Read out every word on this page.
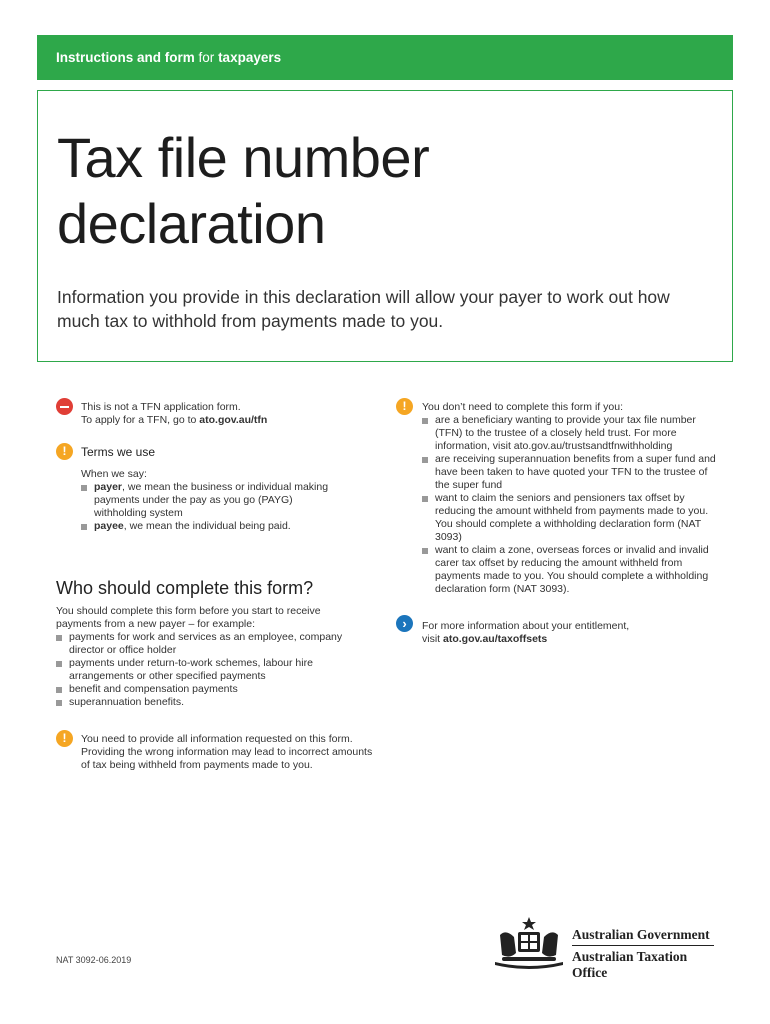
Instructions and form for taxpayers
Tax file number
declaration
Information you provide in this declaration will allow your payer to work out how much tax to withhold from payments made to you.
This is not a TFN application form.
To apply for a TFN, go to ato.gov.au/tfn
!	Terms we use
When we say:
payer, we mean the business or individual making payments under the pay as you go (PAYG) withholding system
payee, we mean the individual being paid.
Who should complete this form?
You should complete this form before you start to receive payments from a new payer – for example:
payments for work and services as an employee, company director or office holder
payments under return-to-work schemes, labour hire arrangements or other specified payments
benefit and compensation payments
superannuation benefits.
!	You need to provide all information requested on this form. Providing the wrong information may lead to incorrect amounts of tax being withheld from payments made to you.
!	You don’t need to complete this form if you:
are a beneficiary wanting to provide your tax file number (TFN) to the trustee of a closely held trust. For more information, visit ato.gov.au/trustsandtfnwithholding
are receiving superannuation benefits from a super fund and have been taken to have quoted your TFN to the trustee of the super fund
want to claim the seniors and pensioners tax offset by reducing the amount withheld from payments made to you. You should complete a withholding declaration form (NAT 3093)
want to claim a zone, overseas forces or invalid and invalid carer tax offset by reducing the amount withheld from payments made to you. You should complete a withholding declaration form (NAT 3093).
›	For more information about your entitlement,
visit ato.gov.au/taxoffsets
NAT 3092-06.2019
Australian Government
Australian Taxation Office
